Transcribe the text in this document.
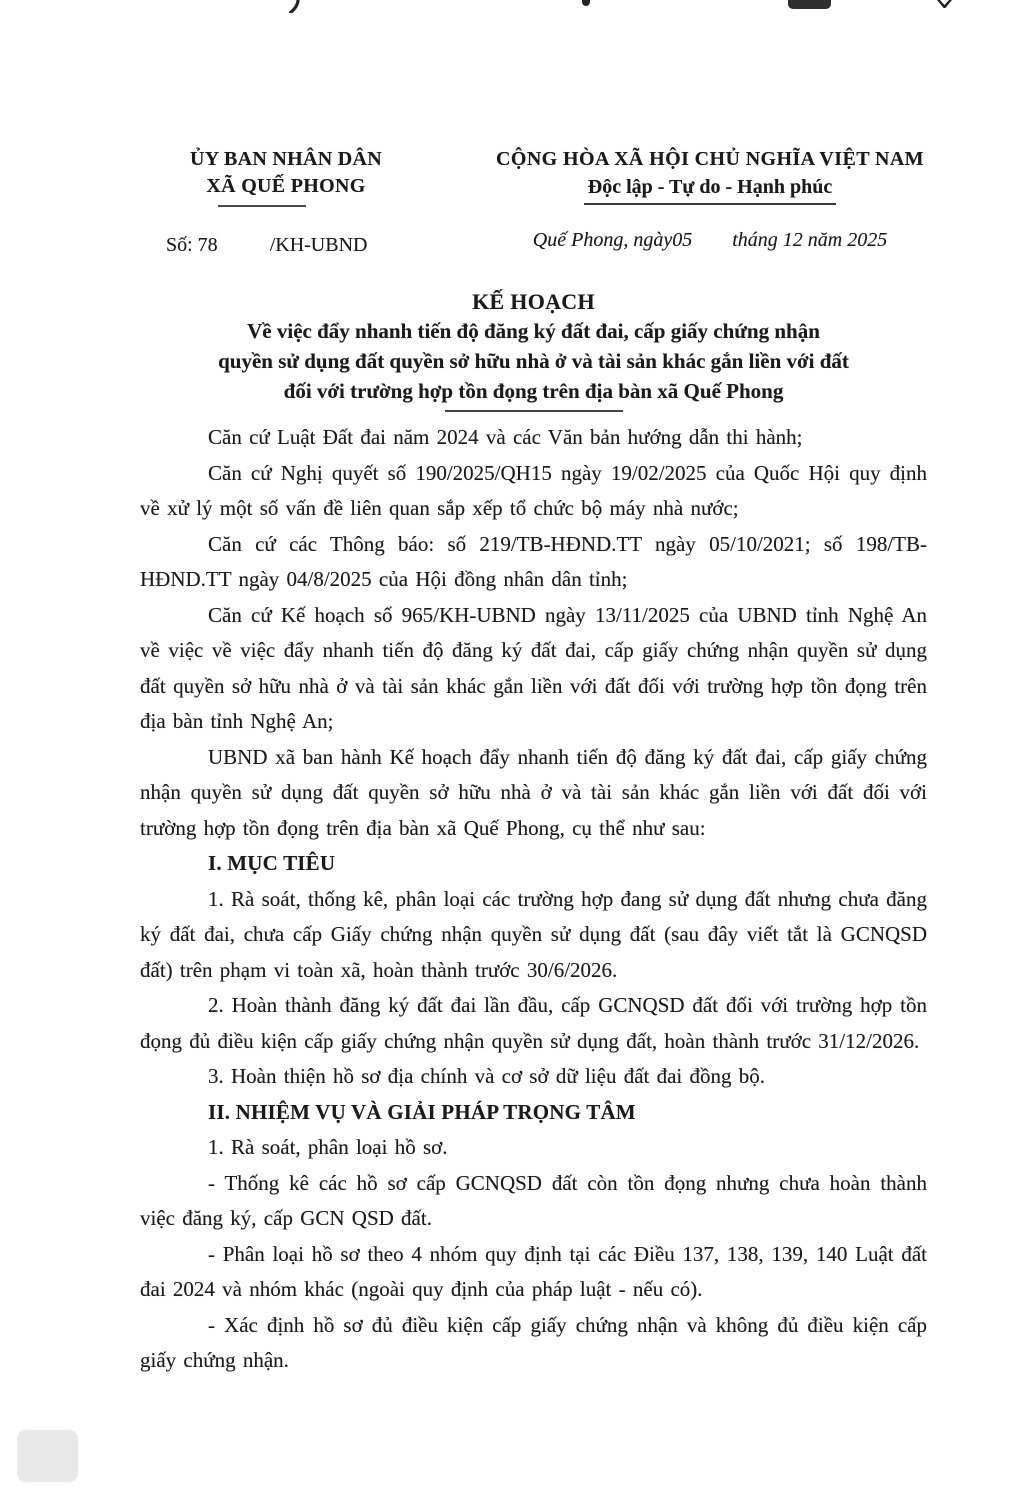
ỦY BAN NHÂN DÂN
XÃ QUẾ PHONG
Số: 78	/KH-UBND
CỘNG HÒA XÃ HỘI CHỦ NGHĨA VIỆT NAM
Độc lập - Tự do - Hạnh phúc
Quế Phong, ngày05 tháng 12 năm 2025
KẾ HOẠCH
Về việc đẩy nhanh tiến độ đăng ký đất đai, cấp giấy chứng nhận
quyền sử dụng đất quyền sở hữu nhà ở và tài sản khác gắn liền với đất
đối với trường hợp tồn đọng trên địa bàn xã Quế Phong

Căn cứ Luật Đất đai năm 2024 và các Văn bản hướng dẫn thi hành;

Căn cứ Nghị quyết số 190/2025/QH15 ngày 19/02/2025 của Quốc Hội quy định về xử lý một số vấn đề liên quan sắp xếp tổ chức bộ máy nhà nước;

Căn cứ các Thông báo: số 219/TB-HĐND.TT ngày 05/10/2021; số 198/TB- HĐND.TT ngày 04/8/2025 của Hội đồng nhân dân tỉnh;

Căn cứ Kế hoạch số 965/KH-UBND ngày 13/11/2025 của UBND tỉnh Nghệ An về việc về việc đẩy nhanh tiến độ đăng ký đất đai, cấp giấy chứng nhận quyền sử dụng đất quyền sở hữu nhà ở và tài sản khác gắn liền với đất đối với trường hợp tồn đọng trên địa bàn tỉnh Nghệ An;

UBND xã ban hành Kế hoạch đẩy nhanh tiến độ đăng ký đất đai, cấp giấy chứng nhận quyền sử dụng đất quyền sở hữu nhà ở và tài sản khác gắn liền với đất đối với trường hợp tồn đọng trên địa bàn xã Quế Phong, cụ thể như sau:

I. MỤC TIÊU

1. Rà soát, thống kê, phân loại các trường hợp đang sử dụng đất nhưng chưa đăng ký đất đai, chưa cấp Giấy chứng nhận quyền sử dụng đất (sau đây viết tắt là GCNQSD đất) trên phạm vi toàn xã, hoàn thành trước 30/6/2026.

2. Hoàn thành đăng ký đất đai lần đầu, cấp GCNQSD đất đối với trường hợp tồn đọng đủ điều kiện cấp giấy chứng nhận quyền sử dụng đất, hoàn thành trước 31/12/2026.

3. Hoàn thiện hồ sơ địa chính và cơ sở dữ liệu đất đai đồng bộ.

II. NHIỆM VỤ VÀ GIẢI PHÁP TRỌNG TÂM

1. Rà soát, phân loại hồ sơ.

- Thống kê các hồ sơ cấp GCNQSD đất còn tồn đọng nhưng chưa hoàn thành việc đăng ký, cấp GCN QSD đất.

- Phân loại hồ sơ theo 4 nhóm quy định tại các Điều 137, 138, 139, 140 Luật đất đai 2024 và nhóm khác (ngoài quy định của pháp luật - nếu có).

- Xác định hồ sơ đủ điều kiện cấp giấy chứng nhận và không đủ điều kiện cấp giấy chứng nhận.
